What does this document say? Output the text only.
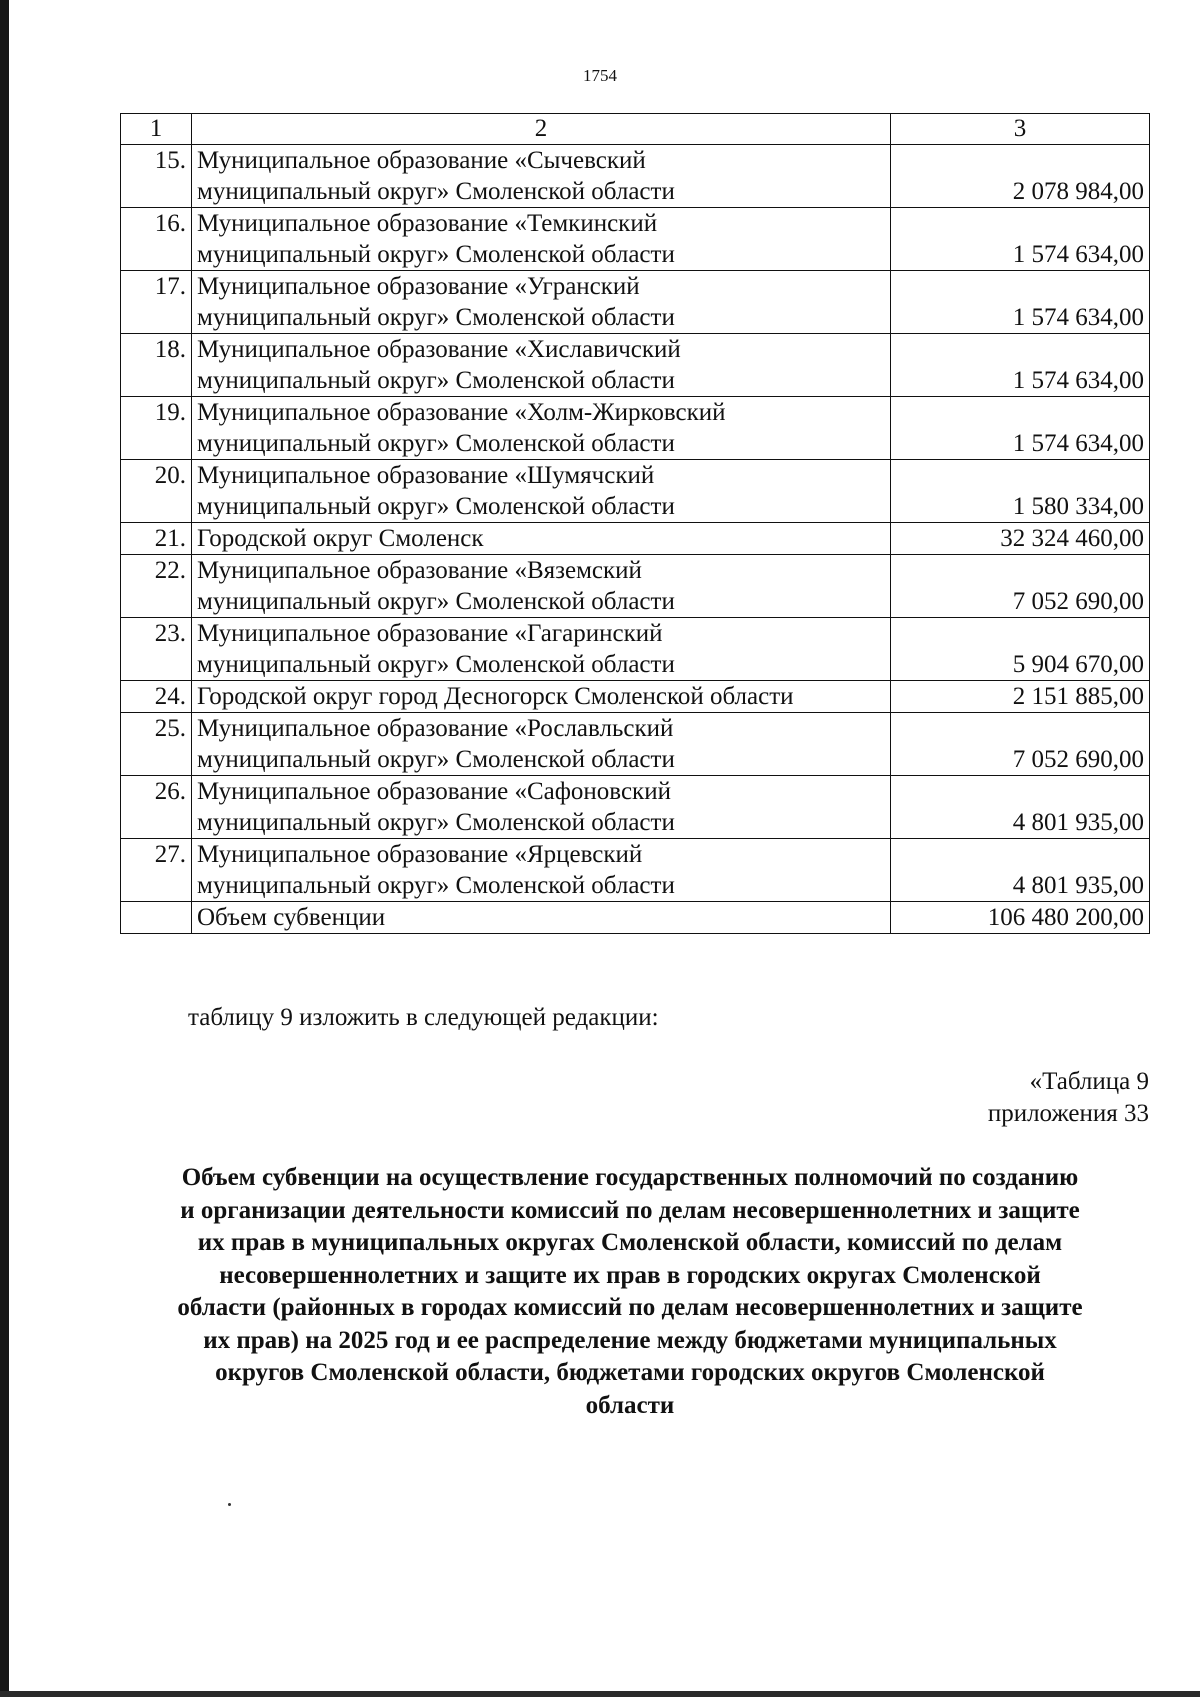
1754
1	2	3
15.	Муниципальное образование «Сычевский
муниципальный округ» Смоленской области	2 078 984,00
16.	Муниципальное образование «Темкинский
муниципальный округ» Смоленской области	1 574 634,00
17.	Муниципальное образование «Угранский
муниципальный округ» Смоленской области	1 574 634,00
18.	Муниципальное образование «Хиславичский
муниципальный округ» Смоленской области	1 574 634,00
19.	Муниципальное образование «Холм-Жирковский
муниципальный округ» Смоленской области	1 574 634,00
20.	Муниципальное образование «Шумячский
муниципальный округ» Смоленской области	1 580 334,00
21.	Городской округ Смоленск	32 324 460,00
22.	Муниципальное образование «Вяземский
муниципальный округ» Смоленской области	7 052 690,00
23.	Муниципальное образование «Гагаринский
муниципальный округ» Смоленской области	5 904 670,00
24.	Городской округ город Десногорск Смоленской области	2 151 885,00
25.	Муниципальное образование «Рославльский
муниципальный округ» Смоленской области	7 052 690,00
26.	Муниципальное образование «Сафоновский
муниципальный округ» Смоленской области	4 801 935,00
27.	Муниципальное образование «Ярцевский
муниципальный округ» Смоленской области	4 801 935,00
	Объем субвенции	106 480 200,00
таблицу 9 изложить в следующей редакции:
«Таблица 9
приложения 33
Объем субвенции на осуществление государственных полномочий по созданию
и организации деятельности комиссий по делам несовершеннолетних и защите
их прав в муниципальных округах Смоленской области, комиссий по делам
несовершеннолетних и защите их прав в городских округах Смоленской
области (районных в городах комиссий по делам несовершеннолетних и защите
их прав) на 2025 год и ее распределение между бюджетами муниципальных
округов Смоленской области, бюджетами городских округов Смоленской
области
